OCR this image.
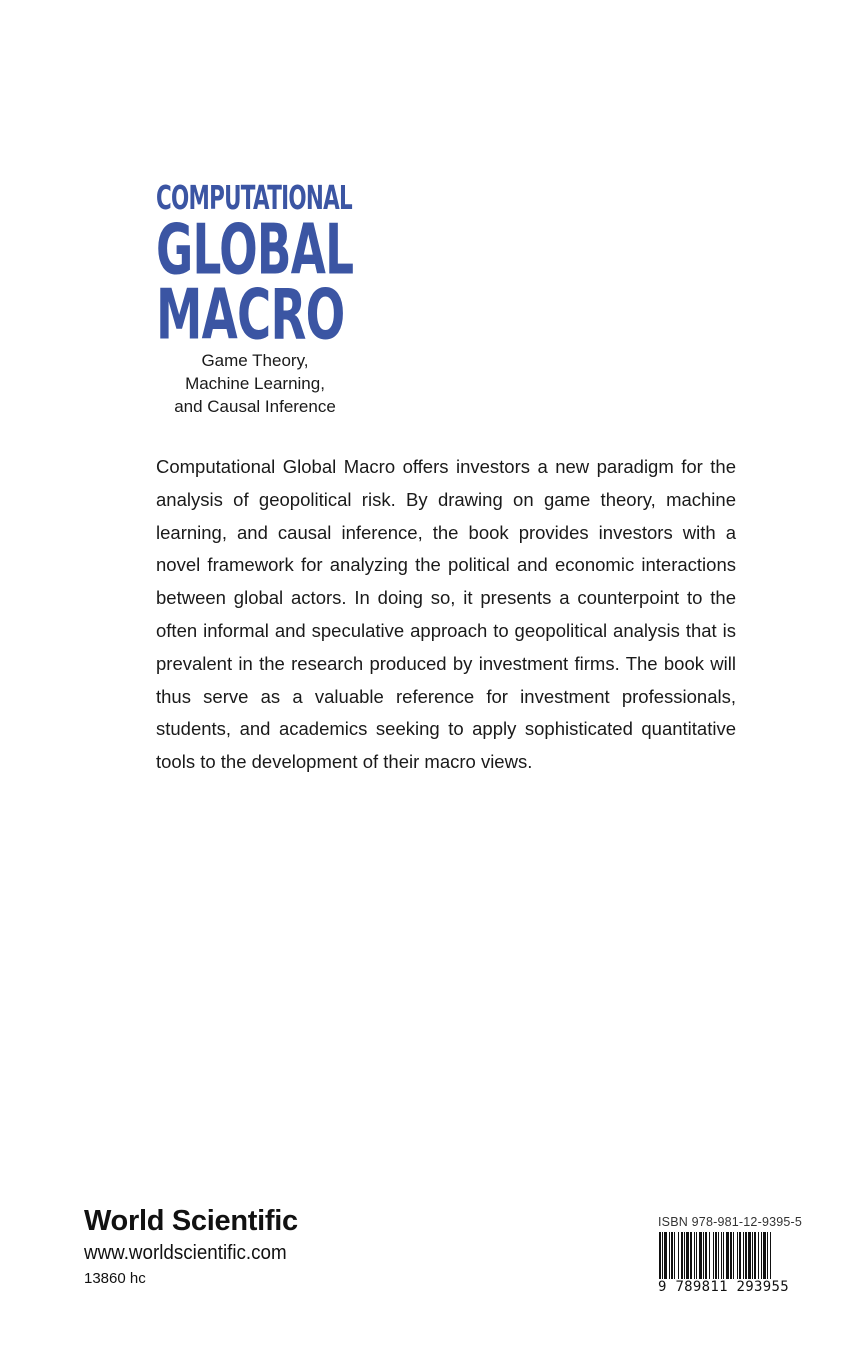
COMPUTATIONAL
GLOBAL
MACRO
Game Theory,
Machine Learning,
and Causal Inference

Computational Global Macro offers investors a new paradigm for the analysis of geopolitical risk. By drawing on game theory, machine learning, and causal inference, the book provides investors with a novel framework for analyzing the political and economic interactions between global actors. In doing so, it presents a counterpoint to the often informal and speculative approach to geopolitical analysis that is prevalent in the research produced by investment firms. The book will thus serve as a valuable reference for investment professionals, students, and academics seeking to apply sophisticated quantitative tools to the development of their macro views.

World Scientific
www.worldscientific.com
13860 hc
ISBN 978-981-12-9395-5
9 789811 293955
